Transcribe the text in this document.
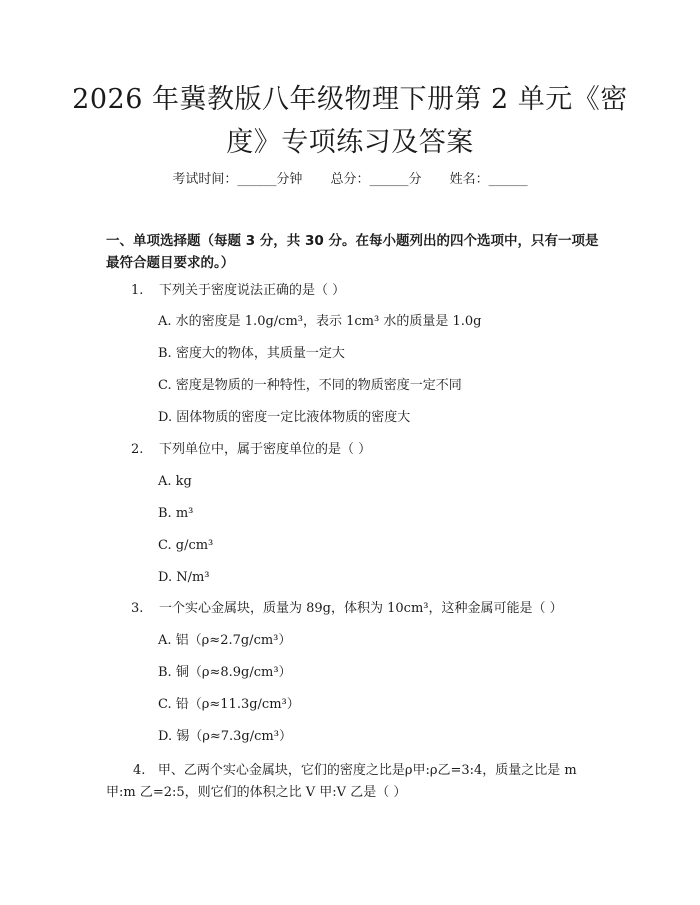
2026 年冀教版八年级物理下册第 2 单元《密
度》专项练习及答案
考试时间：______分钟 总分：______分 姓名：______
一、单项选择题（每题 3 分，共 30 分。在每小题列出的四个选项中，只有一项是最符合题目要求的。）
1. 下列关于密度说法正确的是（ ）
A. 水的密度是 1.0g/cm³，表示 1cm³ 水的质量是 1.0g
B. 密度大的物体，其质量一定大
C. 密度是物质的一种特性，不同的物质密度一定不同
D. 固体物质的密度一定比液体物质的密度大
2. 下列单位中，属于密度单位的是（ ）
A. kg
B. m³
C. g/cm³
D. N/m³
3. 一个实心金属块，质量为 89g，体积为 10cm³，这种金属可能是（ ）
A. 铝（ρ≈2.7g/cm³）
B. 铜（ρ≈8.9g/cm³）
C. 铅（ρ≈11.3g/cm³）
D. 锡（ρ≈7.3g/cm³）
4. 甲、乙两个实心金属块，它们的密度之比是ρ甲:ρ乙=3:4，质量之比是 m 甲:m 乙=2:5，则它们的体积之比 V 甲:V 乙是（ ）
